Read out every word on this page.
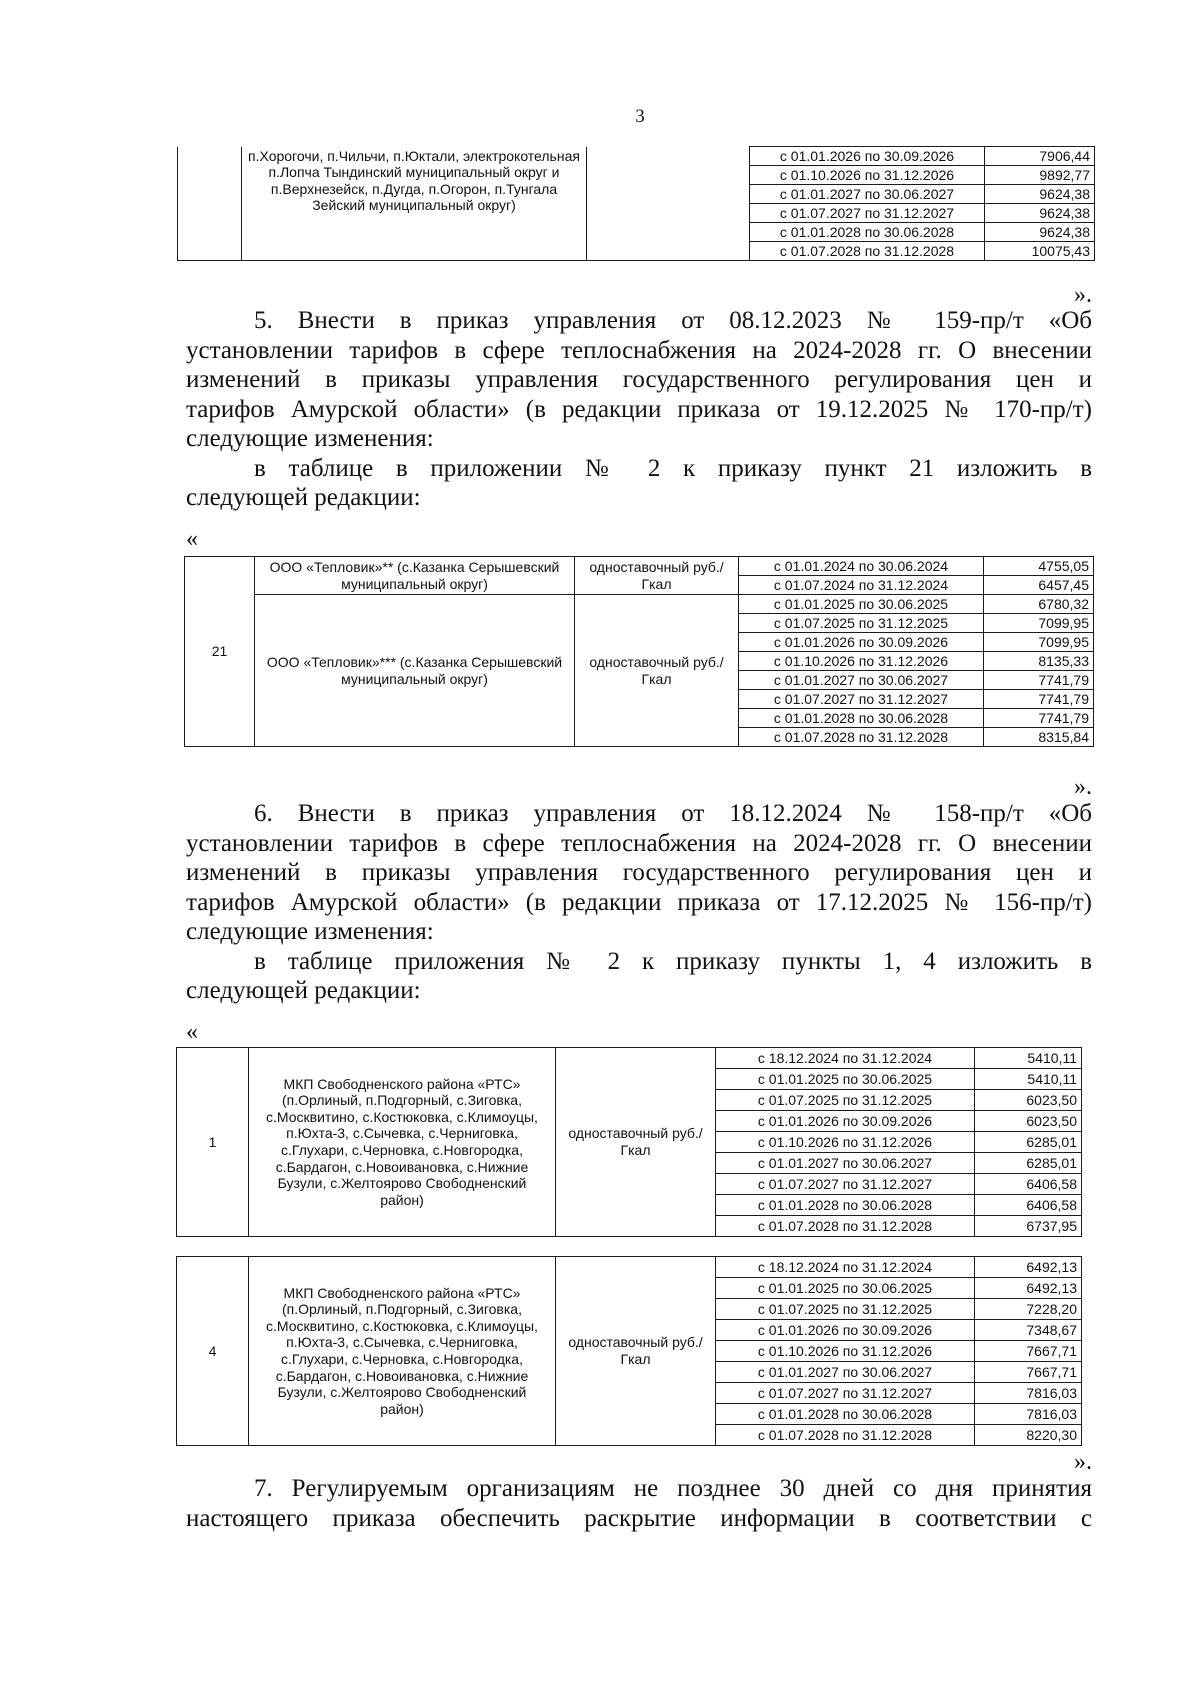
3
	п.Хорогочи, п.Чильчи, п.Юктали, электрокотельная п.Лопча Тындинский муниципальный округ и п.Верхнезейск, п.Дугда, п.Огорон, п.Тунгала Зейский муниципальный округ)		с 01.01.2026 по 30.09.2026	7906,44
			с 01.10.2026 по 31.12.2026	9892,77
			с 01.01.2027 по 30.06.2027	9624,38
			с 01.07.2027 по 31.12.2027	9624,38
			с 01.01.2028 по 30.06.2028	9624,38
			с 01.07.2028 по 31.12.2028	10075,43
».

5. Внести в приказ управления от 08.12.2023 № 159-пр/т «Об

установлении тарифов в сфере теплоснабжения на 2024-2028 гг. О внесении

изменений в приказы управления государственного регулирования цен и

тарифов Амурской области» (в редакции приказа от 19.12.2025 № 170-пр/т)

следующие изменения:

в таблице в приложении № 2 к приказу пункт 21 изложить в

следующей редакции:

«
21	ООО «Тепловик»** (с.Казанка Серышевский муниципальный округ)	одноставочный руб./Гкал	с 01.01.2024 по 30.06.2024	4755,05
			с 01.07.2024 по 31.12.2024	6457,45
	ООО «Тепловик»*** (с.Казанка Серышевский муниципальный округ)	одноставочный руб./Гкал	с 01.01.2025 по 30.06.2025	6780,32
			с 01.07.2025 по 31.12.2025	7099,95
			с 01.01.2026 по 30.09.2026	7099,95
			с 01.10.2026 по 31.12.2026	8135,33
			с 01.01.2027 по 30.06.2027	7741,79
			с 01.07.2027 по 31.12.2027	7741,79
			с 01.01.2028 по 30.06.2028	7741,79
			с 01.07.2028 по 31.12.2028	8315,84
».

6. Внести в приказ управления от 18.12.2024 № 158-пр/т «Об

установлении тарифов в сфере теплоснабжения на 2024-2028 гг. О внесении

изменений в приказы управления государственного регулирования цен и

тарифов Амурской области» (в редакции приказа от 17.12.2025 № 156-пр/т)

следующие изменения:

в таблице приложения № 2 к приказу пункты 1, 4 изложить в

следующей редакции:

«
1	МКП Свободненского района «РТС» (п.Орлиный, п.Подгорный, с.Зиговка, с.Москвитино, с.Костюковка, с.Климоуцы, п.Юхта-3, с.Сычевка, с.Черниговка, с.Глухари, с.Черновка, с.Новгородка, с.Бардагон, с.Новоивановка, с.Нижние Бузули, с.Желтоярово Свободненский район)	одноставочный руб./Гкал	с 18.12.2024 по 31.12.2024	5410,11
			с 01.01.2025 по 30.06.2025	5410,11
			с 01.07.2025 по 31.12.2025	6023,50
			с 01.01.2026 по 30.09.2026	6023,50
			с 01.10.2026 по 31.12.2026	6285,01
			с 01.01.2027 по 30.06.2027	6285,01
			с 01.07.2027 по 31.12.2027	6406,58
			с 01.01.2028 по 30.06.2028	6406,58
			с 01.07.2028 по 31.12.2028	6737,95
4	МКП Свободненского района «РТС» (п.Орлиный, п.Подгорный, с.Зиговка, с.Москвитино, с.Костюковка, с.Климоуцы, п.Юхта-3, с.Сычевка, с.Черниговка, с.Глухари, с.Черновка, с.Новгородка, с.Бардагон, с.Новоивановка, с.Нижние Бузули, с.Желтоярово Свободненский район)	одноставочный руб./Гкал	с 18.12.2024 по 31.12.2024	6492,13
			с 01.01.2025 по 30.06.2025	6492,13
			с 01.07.2025 по 31.12.2025	7228,20
			с 01.01.2026 по 30.09.2026	7348,67
			с 01.10.2026 по 31.12.2026	7667,71
			с 01.01.2027 по 30.06.2027	7667,71
			с 01.07.2027 по 31.12.2027	7816,03
			с 01.01.2028 по 30.06.2028	7816,03
			с 01.07.2028 по 31.12.2028	8220,30
».

7. Регулируемым организациям не позднее 30 дней со дня принятия

настоящего приказа обеспечить раскрытие информации в соответствии с
